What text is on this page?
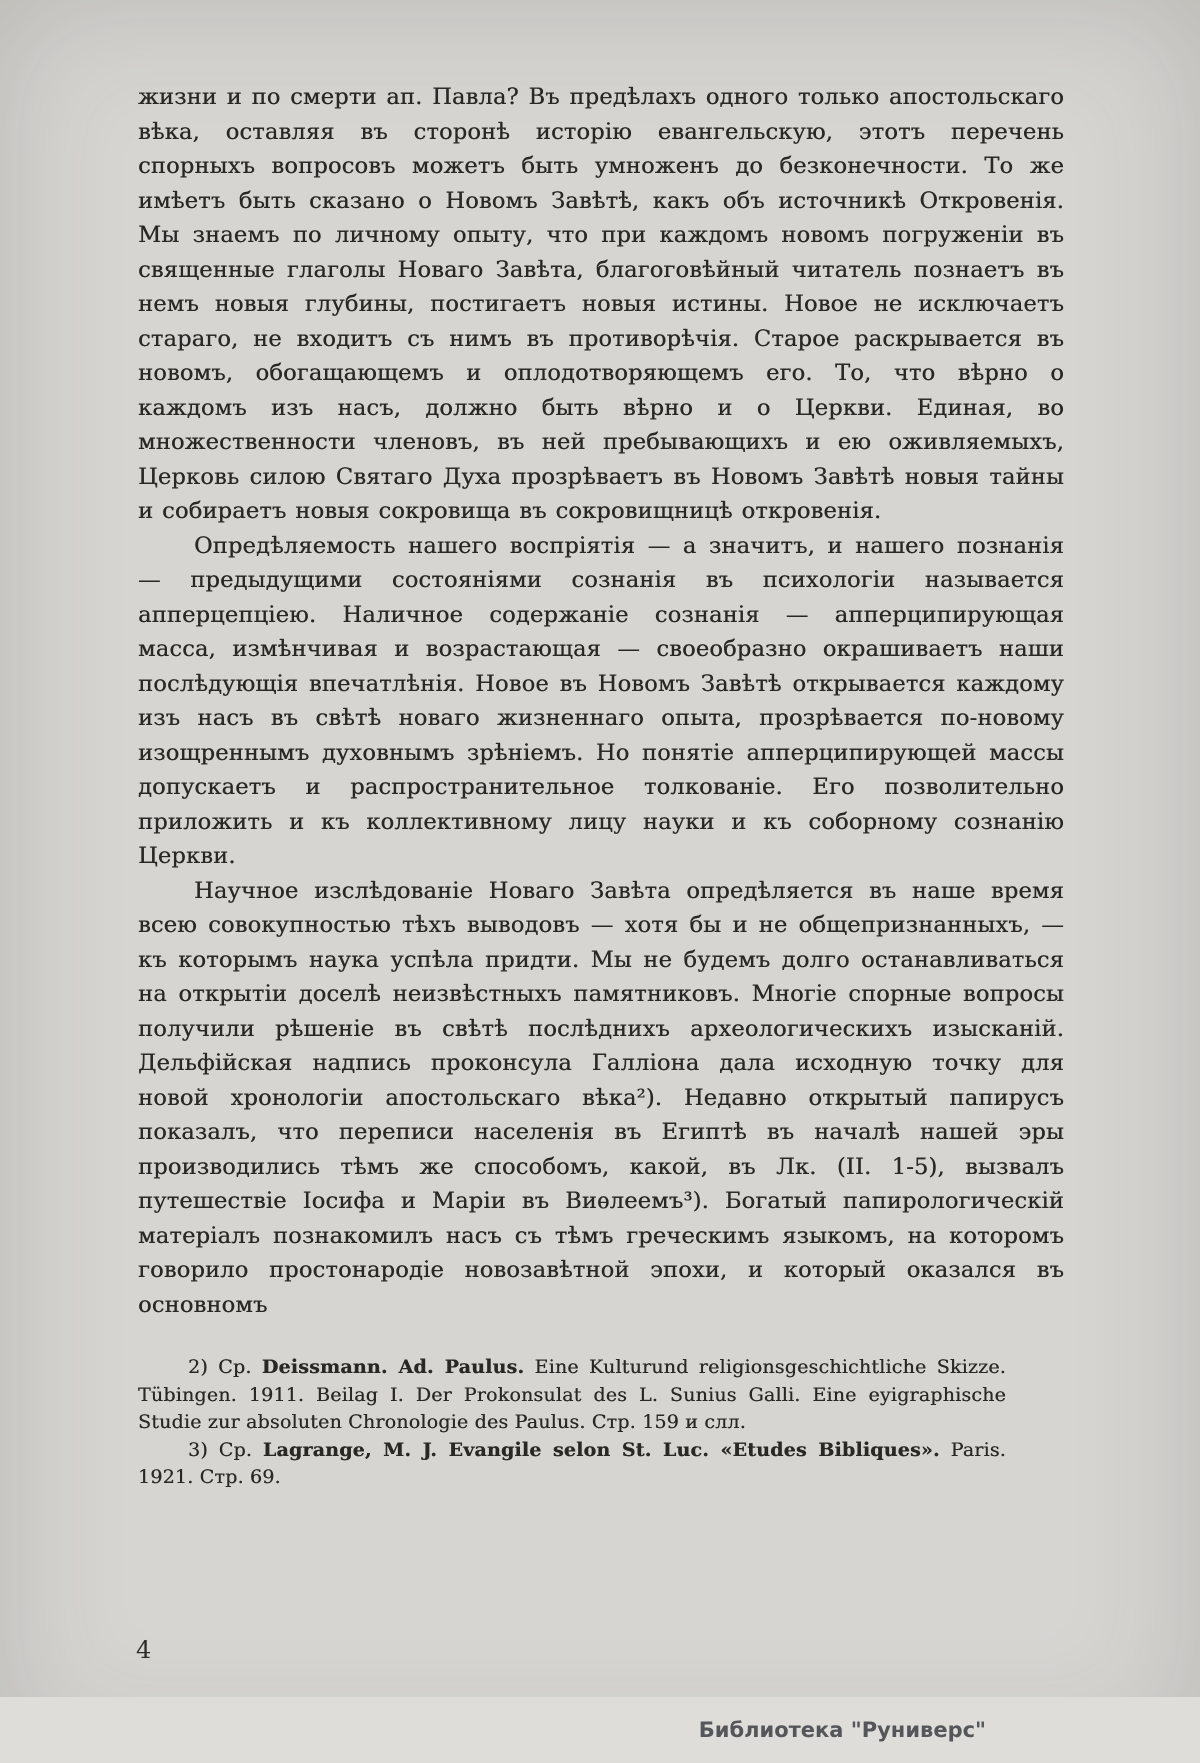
жизни и по смерти ап. Павла? Въ предѣлахъ одного только апостольскаго вѣка, оставляя въ сторонѣ исторію евангельскую, этотъ перечень спорныхъ вопросовъ можетъ быть умноженъ до безконечности. То же имѣетъ быть сказано о Новомъ Завѣтѣ, какъ объ источникѣ Откровенія. Мы знаемъ по личному опыту, что при каждомъ новомъ погруженіи въ священные глаголы Новаго Завѣта, благоговѣйный читатель познаетъ въ немъ новыя глубины, постигаетъ новыя истины. Новое не исключаетъ стараго, не входитъ съ нимъ въ противорѣчія. Старое раскрывается въ новомъ, обогащающемъ и оплодотворяющемъ его. То, что вѣрно о каждомъ изъ насъ, должно быть вѣрно и о Церкви. Единая, во множественности членовъ, въ ней пребывающихъ и ею оживляемыхъ, Церковь силою Святаго Духа прозрѣваетъ въ Новомъ Завѣтѣ новыя тайны и собираетъ новыя сокровища въ сокровищницѣ откровенія.

Опредѣляемость нашего воспріятія — а значитъ, и нашего познанія — предыдущими состояніями сознанія въ психологіи называется апперцепціею. Наличное содержаніе сознанія — апперципирующая масса, измѣнчивая и возрастающая — своеобразно окрашиваетъ наши послѣдующія впечатлѣнія. Новое въ Новомъ Завѣтѣ открывается каждому изъ насъ въ свѣтѣ новаго жизненнаго опыта, прозрѣвается по-новому изощреннымъ духовнымъ зрѣніемъ. Но понятіе апперципирующей массы допускаетъ и распространительное толкованіе. Его позволительно приложить и къ коллективному лицу науки и къ соборному сознанію Церкви.

Научное изслѣдованіе Новаго Завѣта опредѣляется въ наше время всею совокупностью тѣхъ выводовъ — хотя бы и не общепризнанныхъ, — къ которымъ наука успѣла придти. Мы не будемъ долго останавливаться на открытіи доселѣ неизвѣстныхъ памятниковъ. Многіе спорные вопросы получили рѣшеніе въ свѣтѣ послѣднихъ археологическихъ изысканій. Дельфійская надпись проконсула Галліона дала исходную точку для новой хронологіи апостольскаго вѣка²). Недавно открытый папирусъ показалъ, что переписи населенія въ Египтѣ въ началѣ нашей эры производились тѣмъ же способомъ, какой, въ Лк. (II. 1-5), вызвалъ путешествіе Іосифа и Маріи въ Виѳлеемъ³). Богатый папирологическій матеріалъ познакомилъ насъ съ тѣмъ греческимъ языкомъ, на которомъ говорило простонародіе новозавѣтной эпохи, и который оказался въ основномъ

2) Ср. Deissmann. Ad. Paulus. Eine Kulturund religionsgeschichtliche Skizze. Tübingen. 1911. Beilag I. Der Prokonsulat des L. Sunius Galli. Eine eyigraphische Studie zur absoluten Chronologie des Paulus. Стр. 159 и слл.

3) Ср. Lagrange, M. J. Evangile selon St. Luc. «Etudes Bibliques». Paris. 1921. Стр. 69.

4
Библиотека "Руниверс"
